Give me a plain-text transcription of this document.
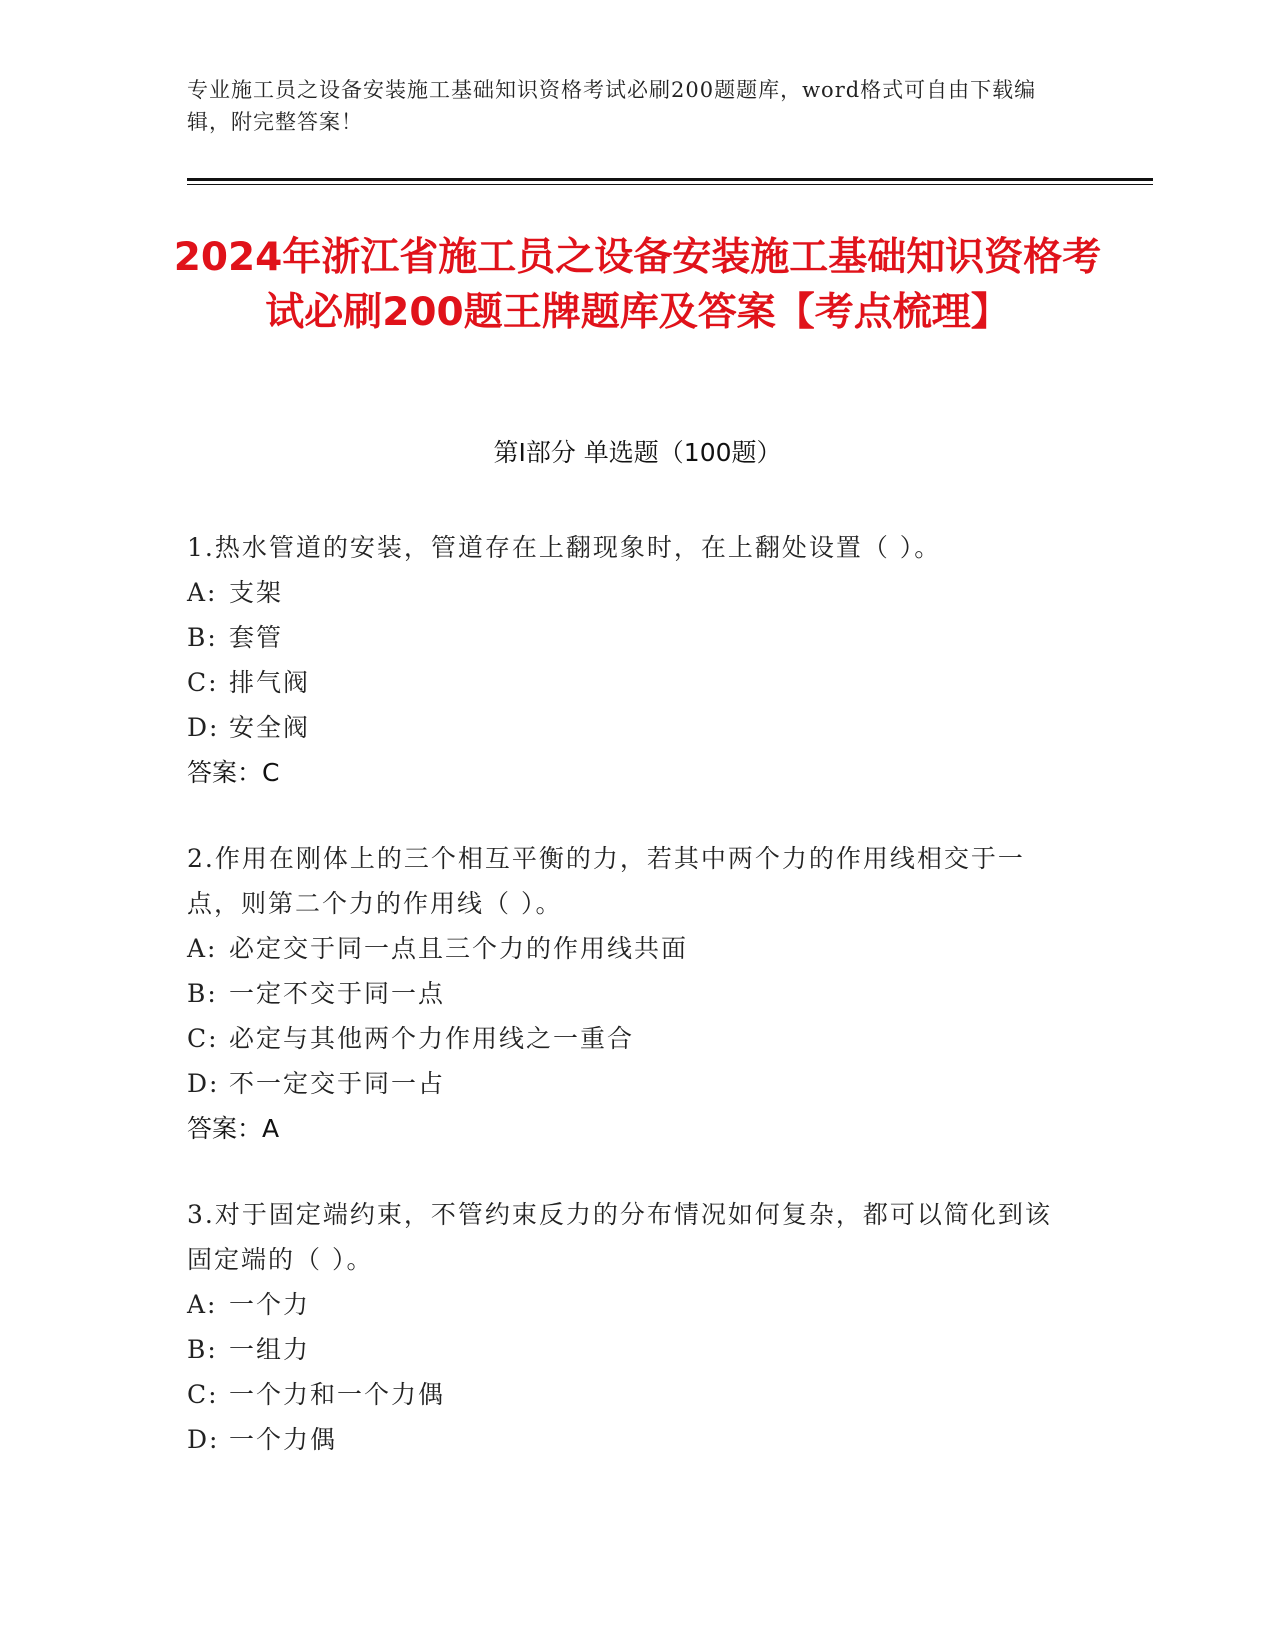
专业施工员之设备安装施工基础知识资格考试必刷200题题库，word格式可自由下载编辑，附完整答案！
2024年浙江省施工员之设备安装施工基础知识资格考试必刷200题王牌题库及答案【考点梳理】
第I部分 单选题（100题）
1.热水管道的安装，管道存在上翻现象时，在上翻处设置（ ）。
A: 支架
B: 套管
C: 排气阀
D: 安全阀
答案：C
2.作用在刚体上的三个相互平衡的力，若其中两个力的作用线相交于一点，则第二个力的作用线（ ）。
A: 必定交于同一点且三个力的作用线共面
B: 一定不交于同一点
C: 必定与其他两个力作用线之一重合
D: 不一定交于同一占
答案：A
3.对于固定端约束，不管约束反力的分布情况如何复杂，都可以简化到该固定端的（ ）。
A: 一个力
B: 一组力
C: 一个力和一个力偶
D: 一个力偶
